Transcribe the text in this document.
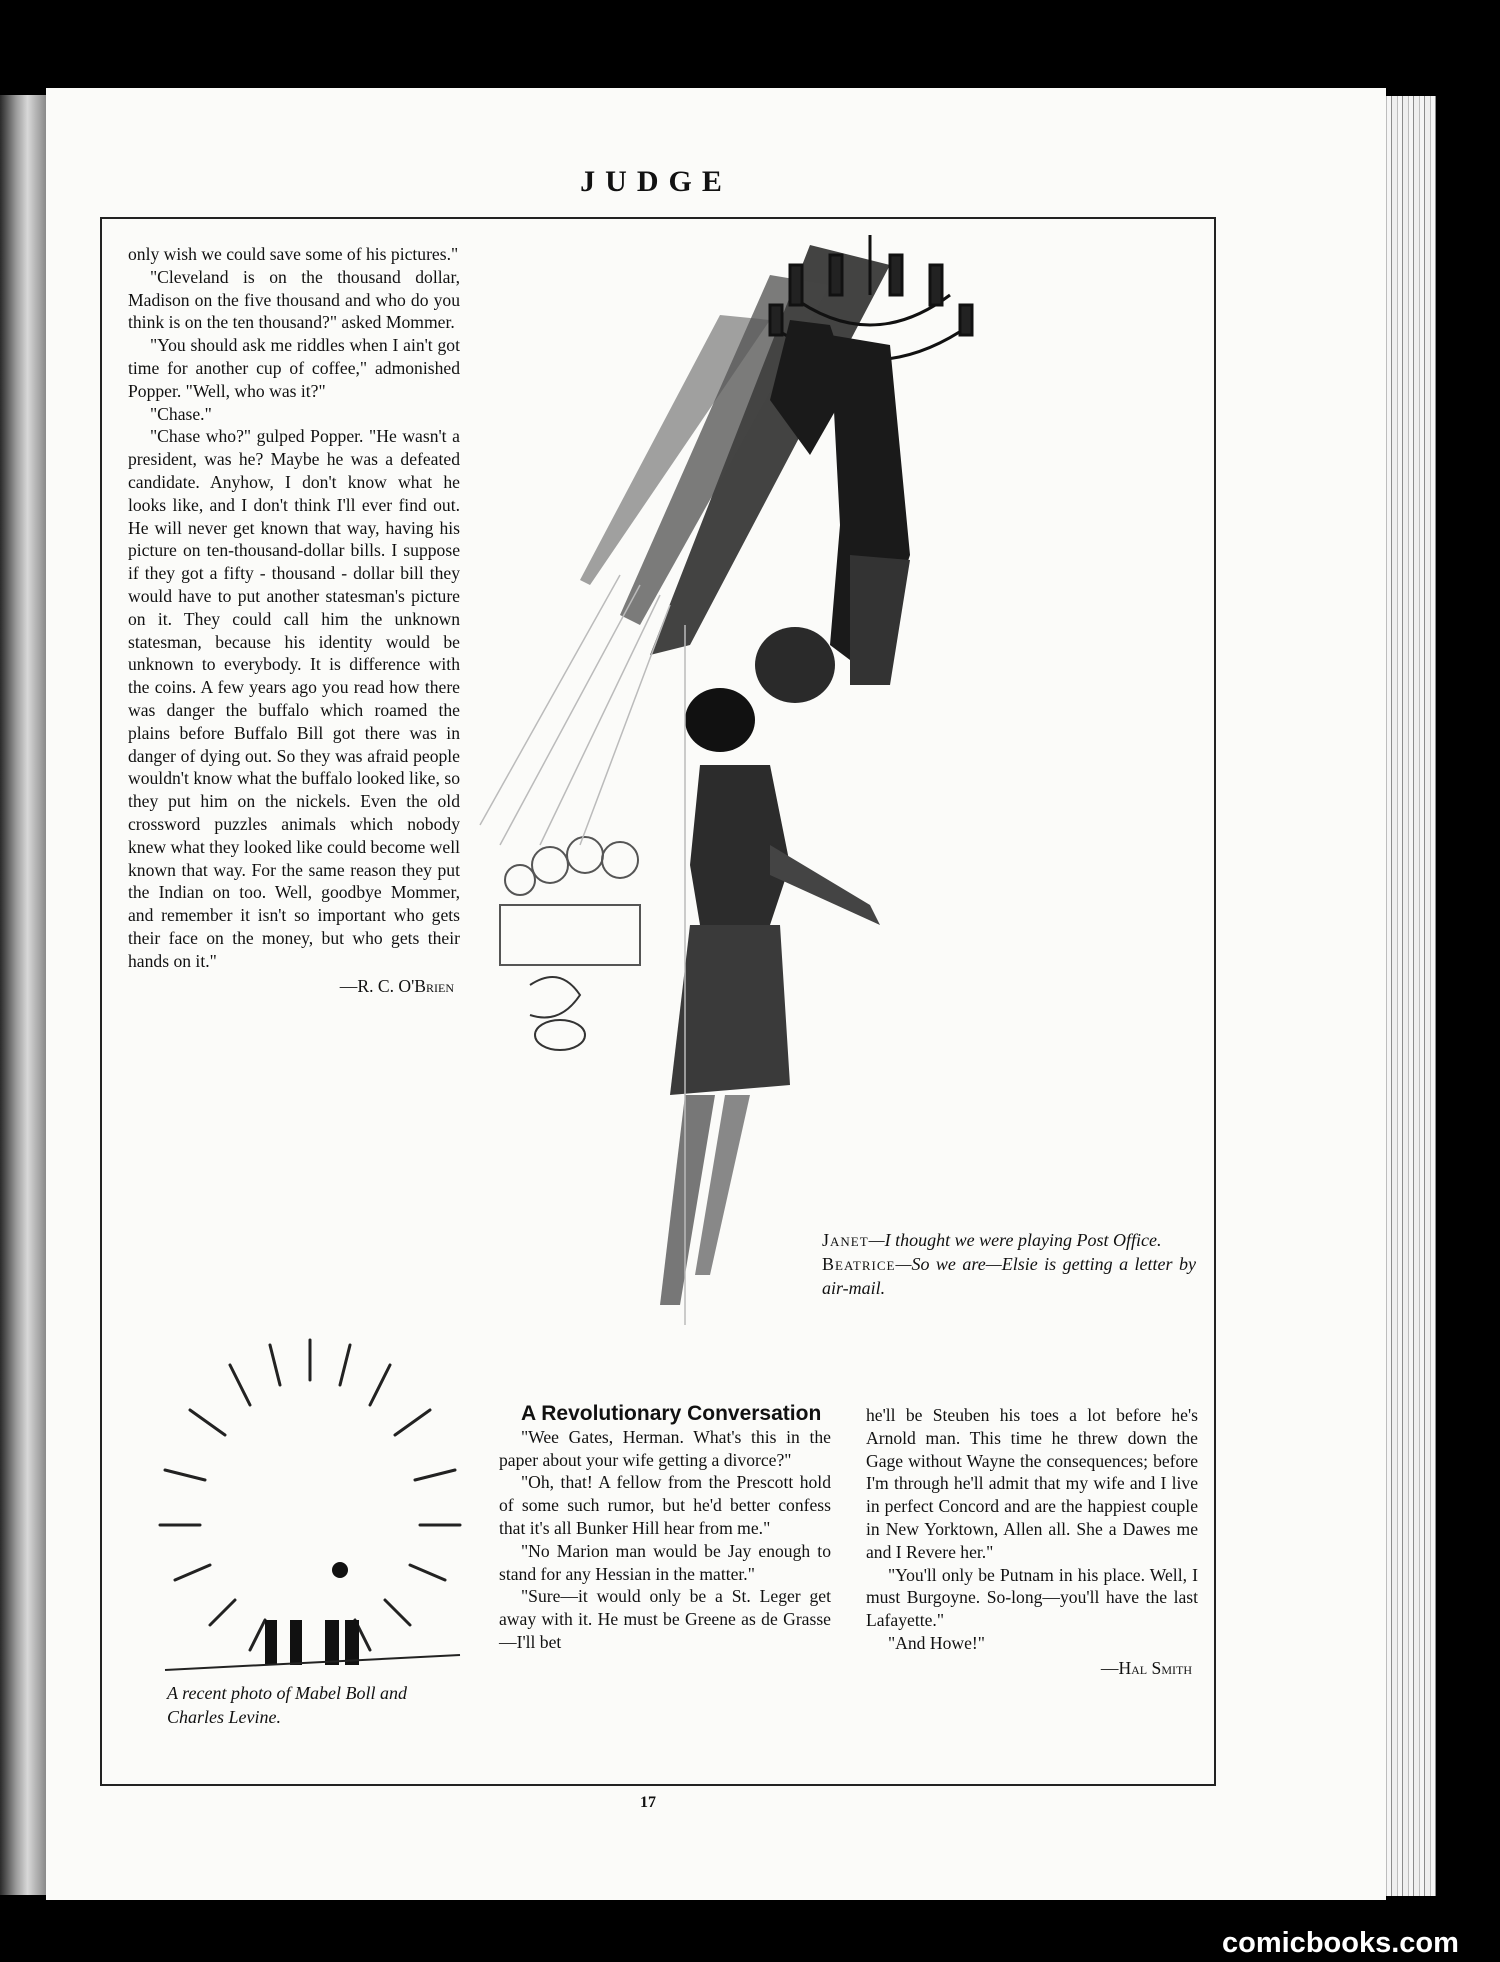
JUDGE

only wish we could save some of his pictures."

"Cleveland is on the thousand dollar, Madison on the five thousand and who do you think is on the ten thousand?" asked Mommer.

"You should ask me riddles when I ain't got time for another cup of coffee," admonished Popper. "Well, who was it?"

"Chase."

"Chase who?" gulped Popper. "He wasn't a president, was he? Maybe he was a defeated candidate. Anyhow, I don't know what he looks like, and I don't think I'll ever find out. He will never get known that way, having his picture on ten-thousand-dollar bills. I suppose if they got a fifty - thousand - dollar bill they would have to put another statesman's picture on it. They could call him the unknown statesman, because his identity would be unknown to everybody. It is difference with the coins. A few years ago you read how there was danger the buffalo which roamed the plains before Buffalo Bill got there was in danger of dying out. So they was afraid people wouldn't know what the buffalo looked like, so they put him on the nickels. Even the old crossword puzzles animals which nobody knew what they looked like could become well known that way. For the same reason they put the Indian on too. Well, goodbye Mommer, and remember it isn't so important who gets their face on the money, but who gets their hands on it."

—R. C. O'Brien
Janet—I thought we were playing Post Office.
Beatrice—So we are—Elsie is getting a letter by air-mail.
A recent photo of Mabel Boll and Charles Levine.

A Revolutionary Conversation

"Wee Gates, Herman. What's this in the paper about your wife getting a divorce?"

"Oh, that! A fellow from the Prescott hold of some such rumor, but he'd better confess that it's all Bunker Hill hear from me."

"No Marion man would be Jay enough to stand for any Hessian in the matter."

"Sure—it would only be a St. Leger get away with it. He must be Greene as de Grasse—I'll bet

he'll be Steuben his toes a lot before he's Arnold man. This time he threw down the Gage without Wayne the consequences; before I'm through he'll admit that my wife and I live in perfect Concord and are the happiest couple in New Yorktown, Allen all. She a Dawes me and I Revere her."

"You'll only be Putnam in his place. Well, I must Burgoyne. So-long—you'll have the last Lafayette."

"And Howe!"

—Hal Smith
17
comicbooks.com
